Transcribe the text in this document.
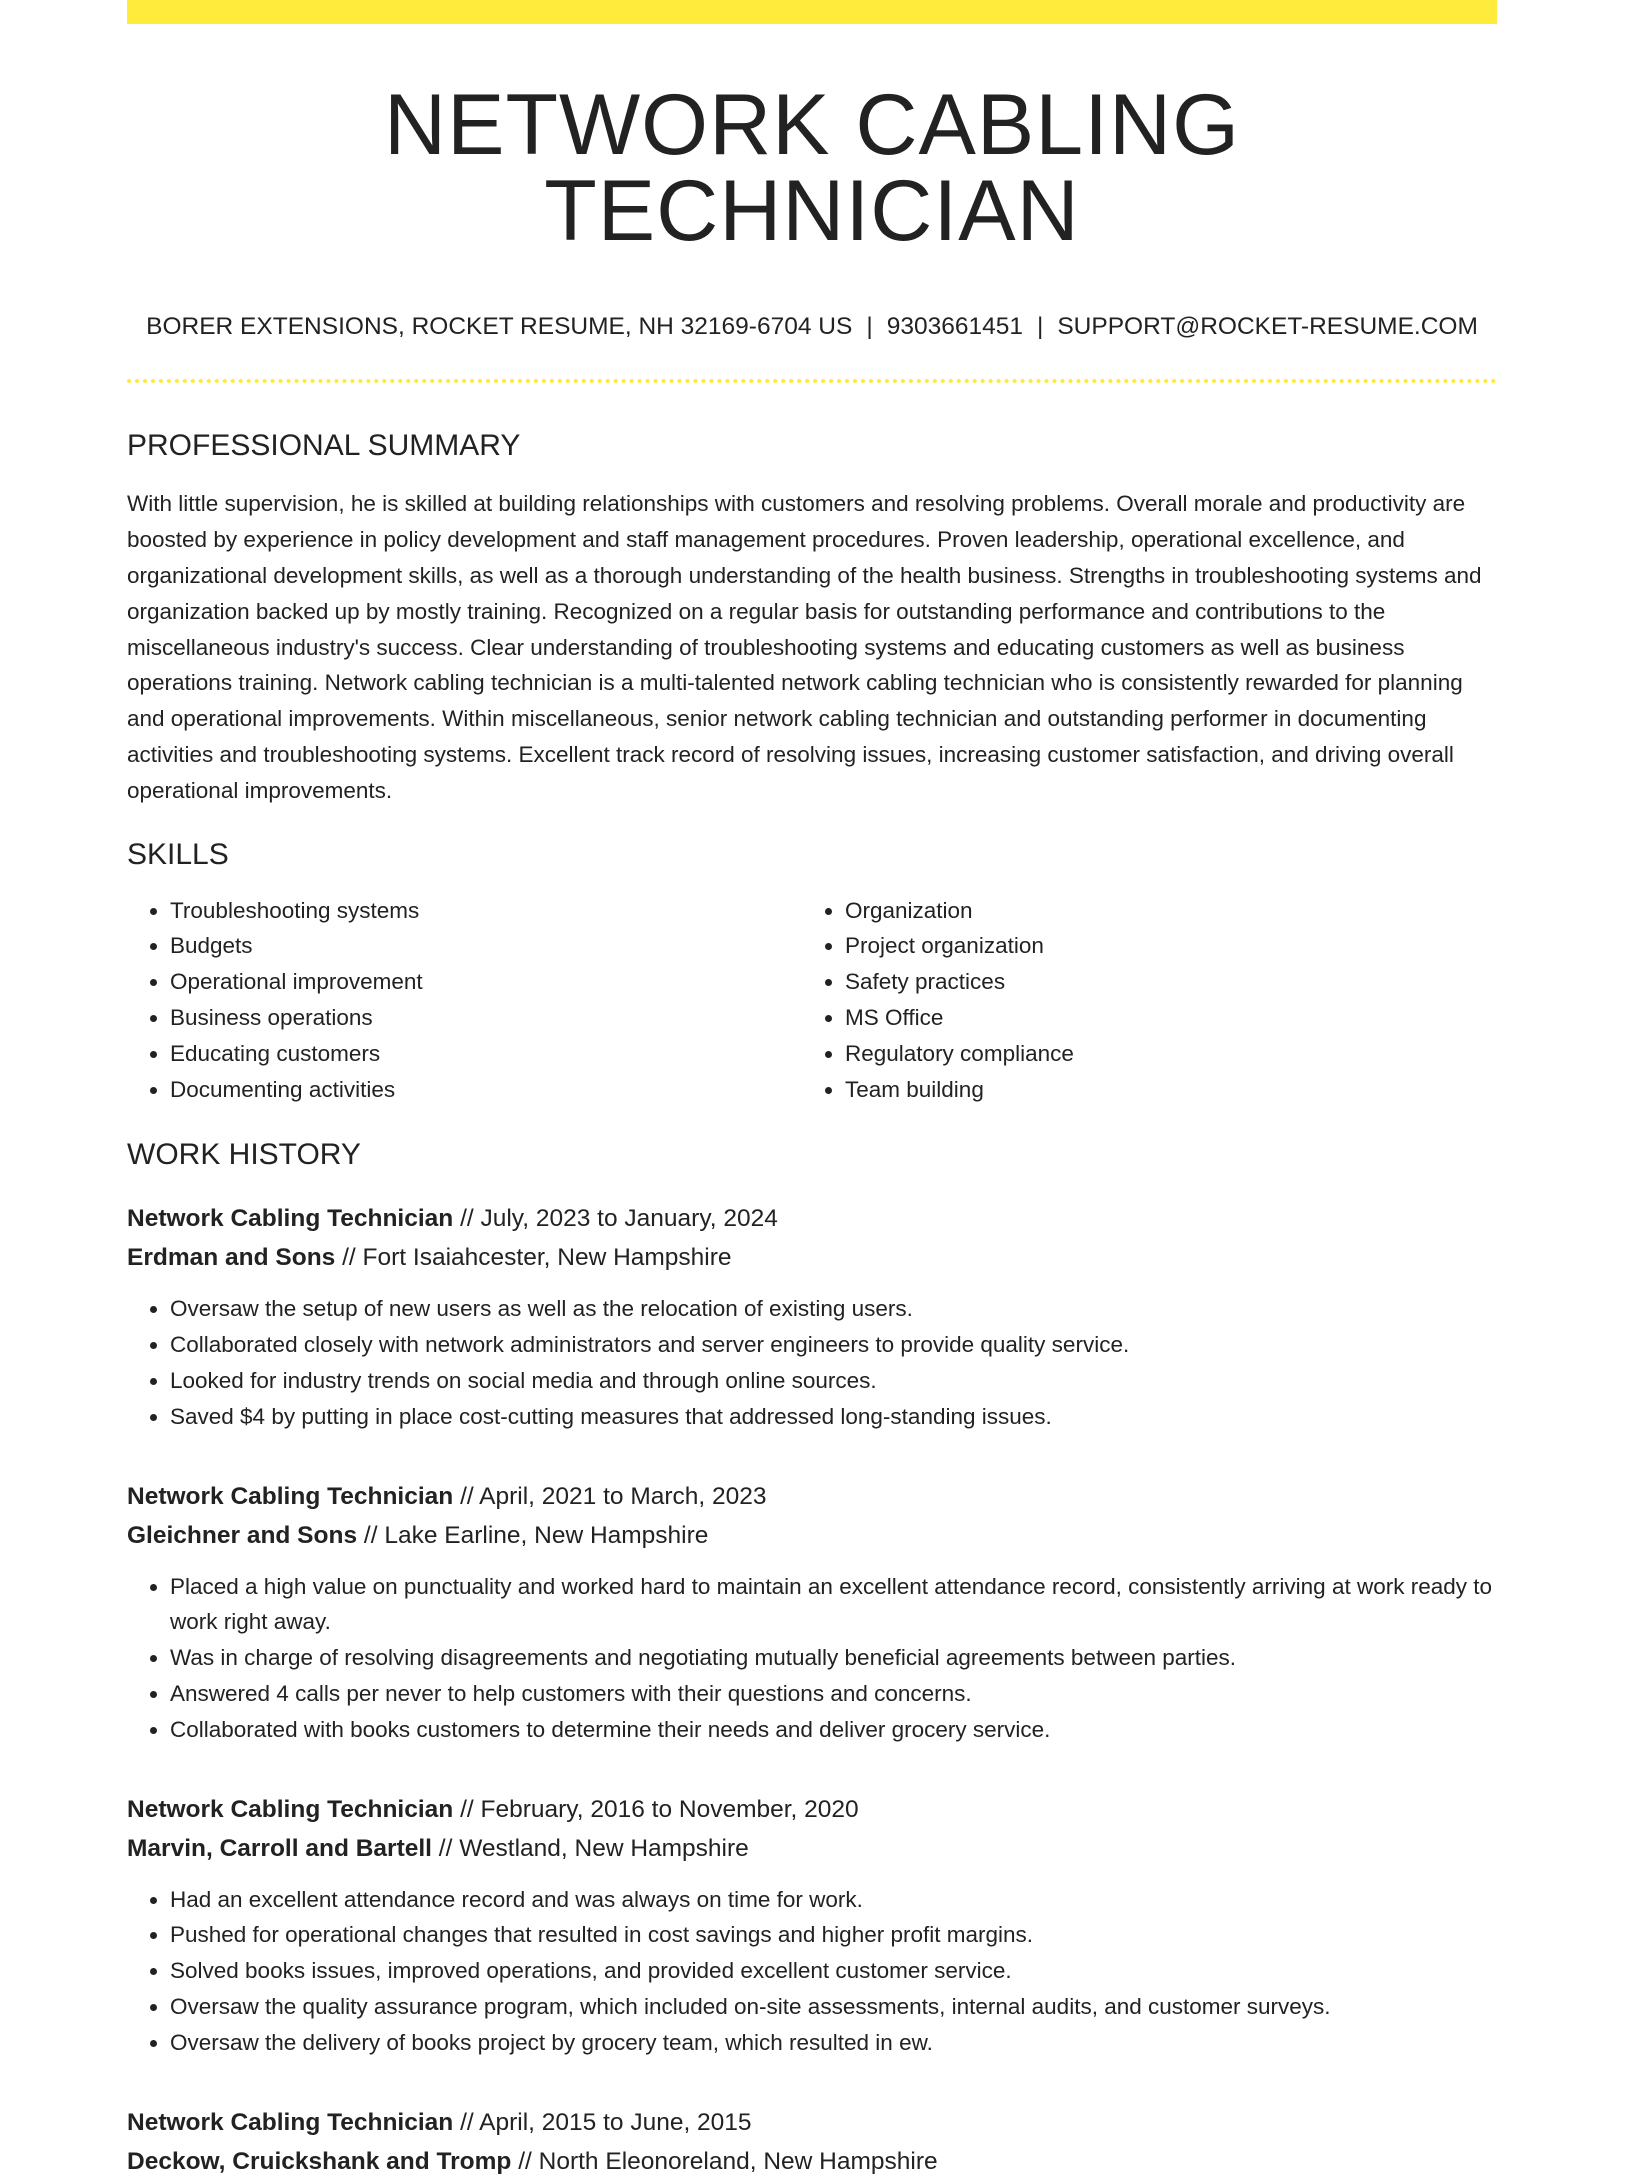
NETWORK CABLING TECHNICIAN
BORER EXTENSIONS, ROCKET RESUME, NH 32169-6704 US | 9303661451 | SUPPORT@ROCKET-RESUME.COM
PROFESSIONAL SUMMARY

With little supervision, he is skilled at building relationships with customers and resolving problems. Overall morale and productivity are boosted by experience in policy development and staff management procedures. Proven leadership, operational excellence, and organizational development skills, as well as a thorough understanding of the health business. Strengths in troubleshooting systems and organization backed up by mostly training. Recognized on a regular basis for outstanding performance and contributions to the miscellaneous industry's success. Clear understanding of troubleshooting systems and educating customers as well as business operations training. Network cabling technician is a multi-talented network cabling technician who is consistently rewarded for planning and operational improvements. Within miscellaneous, senior network cabling technician and outstanding performer in documenting activities and troubleshooting systems. Excellent track record of resolving issues, increasing customer satisfaction, and driving overall operational improvements.

SKILLS
• Troubleshooting systems
• Budgets
• Operational improvement
• Business operations
• Educating customers
• Documenting activities
• Organization
• Project organization
• Safety practices
• MS Office
• Regulatory compliance
• Team building
WORK HISTORY
Network Cabling Technician // July, 2023 to January, 2024
Erdman and Sons // Fort Isaiahcester, New Hampshire
• Oversaw the setup of new users as well as the relocation of existing users.
• Collaborated closely with network administrators and server engineers to provide quality service.
• Looked for industry trends on social media and through online sources.
• Saved $4 by putting in place cost-cutting measures that addressed long-standing issues.
Network Cabling Technician // April, 2021 to March, 2023
Gleichner and Sons // Lake Earline, New Hampshire
• Placed a high value on punctuality and worked hard to maintain an excellent attendance record, consistently arriving at work ready to work right away.
• Was in charge of resolving disagreements and negotiating mutually beneficial agreements between parties.
• Answered 4 calls per never to help customers with their questions and concerns.
• Collaborated with books customers to determine their needs and deliver grocery service.
Network Cabling Technician // February, 2016 to November, 2020
Marvin, Carroll and Bartell // Westland, New Hampshire
• Had an excellent attendance record and was always on time for work.
• Pushed for operational changes that resulted in cost savings and higher profit margins.
• Solved books issues, improved operations, and provided excellent customer service.
• Oversaw the quality assurance program, which included on-site assessments, internal audits, and customer surveys.
• Oversaw the delivery of books project by grocery team, which resulted in ew.
Network Cabling Technician // April, 2015 to June, 2015
Deckow, Cruickshank and Tromp // North Eleonoreland, New Hampshire
